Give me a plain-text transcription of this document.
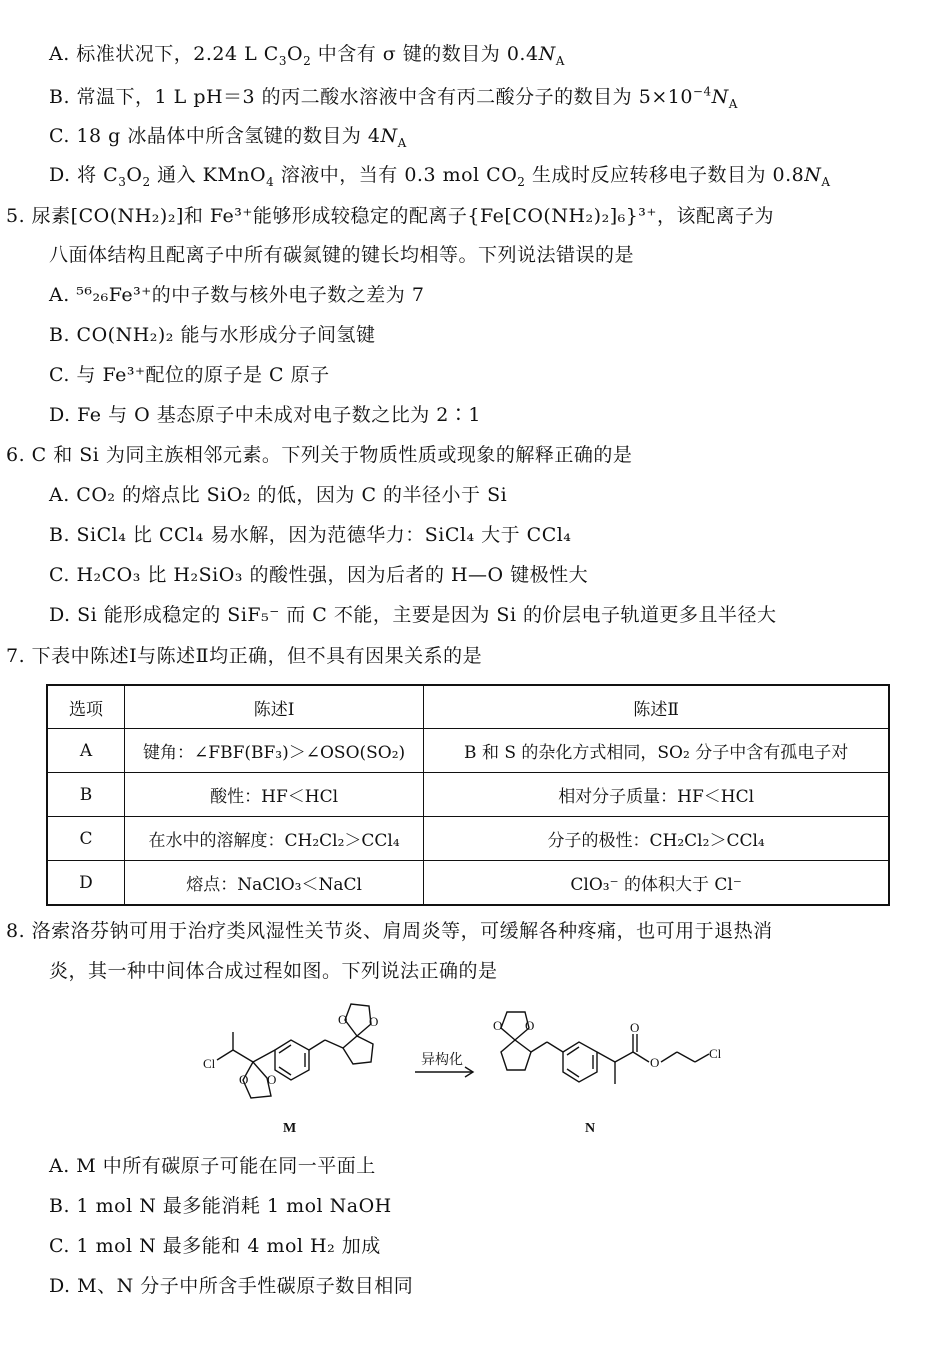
A. 标准状况下，2.24 L $C_3O_2$ 中含有 σ 键的数目为 $0.4N_A$
B. 常温下，1 L pH＝3 的丙二酸水溶液中含有丙二酸分子的数目为 $5\times 10^{-4}N_A$
C. 18 g 冰晶体中所含氢键的数目为 $4N_A$
D. 将 $C_3O_2$ 通入 KMnO$_4$ 溶液中，当有 0.3 mol $CO_2$ 生成时反应转移电子数目为 $0.8N_A$
5. 尿素[CO(NH₂)₂]和 Fe³⁺能够形成较稳定的配离子{Fe[CO(NH₂)₂]₆}³⁺，该配离子为
八面体结构且配离子中所有碳氮键的键长均相等。下列说法错误的是
A. ⁵⁶₂₆Fe³⁺的中子数与核外电子数之差为 7
B. CO(NH₂)₂ 能与水形成分子间氢键
C. 与 Fe³⁺配位的原子是 C 原子
D. Fe 与 O 基态原子中未成对电子数之比为 2∶1
6. C 和 Si 为同主族相邻元素。下列关于物质性质或现象的解释正确的是
A. CO₂ 的熔点比 SiO₂ 的低，因为 C 的半径小于 Si
B. SiCl₄ 比 CCl₄ 易水解，因为范德华力：SiCl₄ 大于 CCl₄
C. H₂CO₃ 比 H₂SiO₃ 的酸性强，因为后者的 H—O 键极性大
D. Si 能形成稳定的 SiF₅⁻ 而 C 不能，主要是因为 Si 的价层电子轨道更多且半径大
7. 下表中陈述Ⅰ与陈述Ⅱ均正确，但不具有因果关系的是
选项	陈述Ⅰ	陈述Ⅱ
A	键角：∠FBF(BF₃)＞∠OSO(SO₂)	B 和 S 的杂化方式相同，SO₂ 分子中含有孤电子对
B	酸性：HF＜HCl	相对分子质量：HF＜HCl
C	在水中的溶解度：CH₂Cl₂＞CCl₄	分子的极性：CH₂Cl₂＞CCl₄
D	熔点：NaClO₃＜NaCl	ClO₃⁻ 的体积大于 Cl⁻
8. 洛索洛芬钠可用于治疗类风湿性关节炎、肩周炎等，可缓解各种疼痛，也可用于退热消
炎，其一种中间体合成过程如图。下列说法正确的是
Cl
O O
O O	O O	O
O
Cl
异构化
M	N
A. M 中所有碳原子可能在同一平面上
B. 1 mol N 最多能消耗 1 mol NaOH
C. 1 mol N 最多能和 4 mol H₂ 加成
D. M、N 分子中所含手性碳原子数目相同
